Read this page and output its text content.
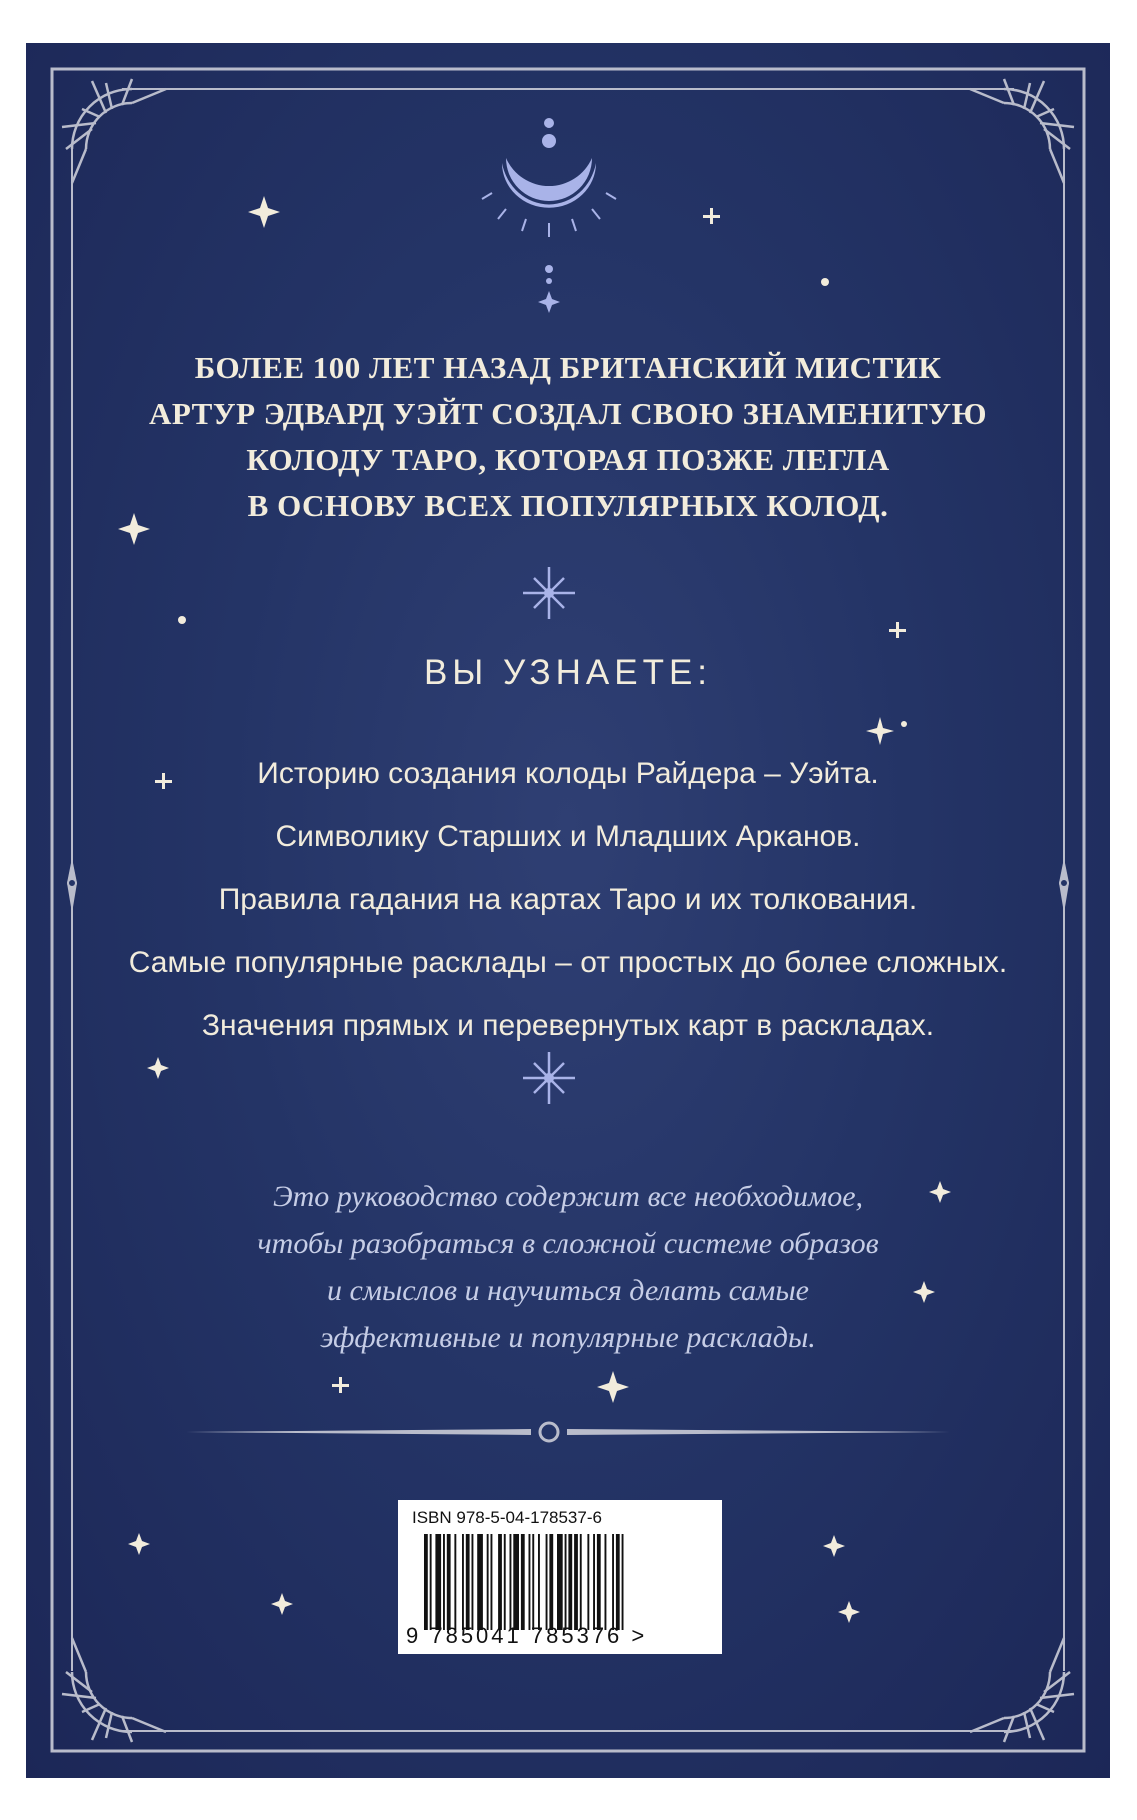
БОЛЕЕ 100 ЛЕТ НАЗАД БРИТАНСКИЙ МИСТИК
АРТУР ЭДВАРД УЭЙТ СОЗДАЛ СВОЮ ЗНАМЕНИТУЮ
КОЛОДУ ТАРО, КОТОРАЯ ПОЗЖЕ ЛЕГЛА
В ОСНОВУ ВСЕХ ПОПУЛЯРНЫХ КОЛОД.
ВЫ УЗНАЕТЕ:
Историю создания колоды Райдера – Уэйта.
Символику Старших и Младших Арканов.
Правила гадания на картах Таро и их толкования.
Самые популярные расклады – от простых до более сложных.
Значения прямых и перевернутых карт в раскладах.
Это руководство содержит все необходимое,
чтобы разобраться в сложной системе образов
и смыслов и научиться делать самые
эффективные и популярные расклады.
ISBN 978-5-04-178537-6
9 785041 785376 >
